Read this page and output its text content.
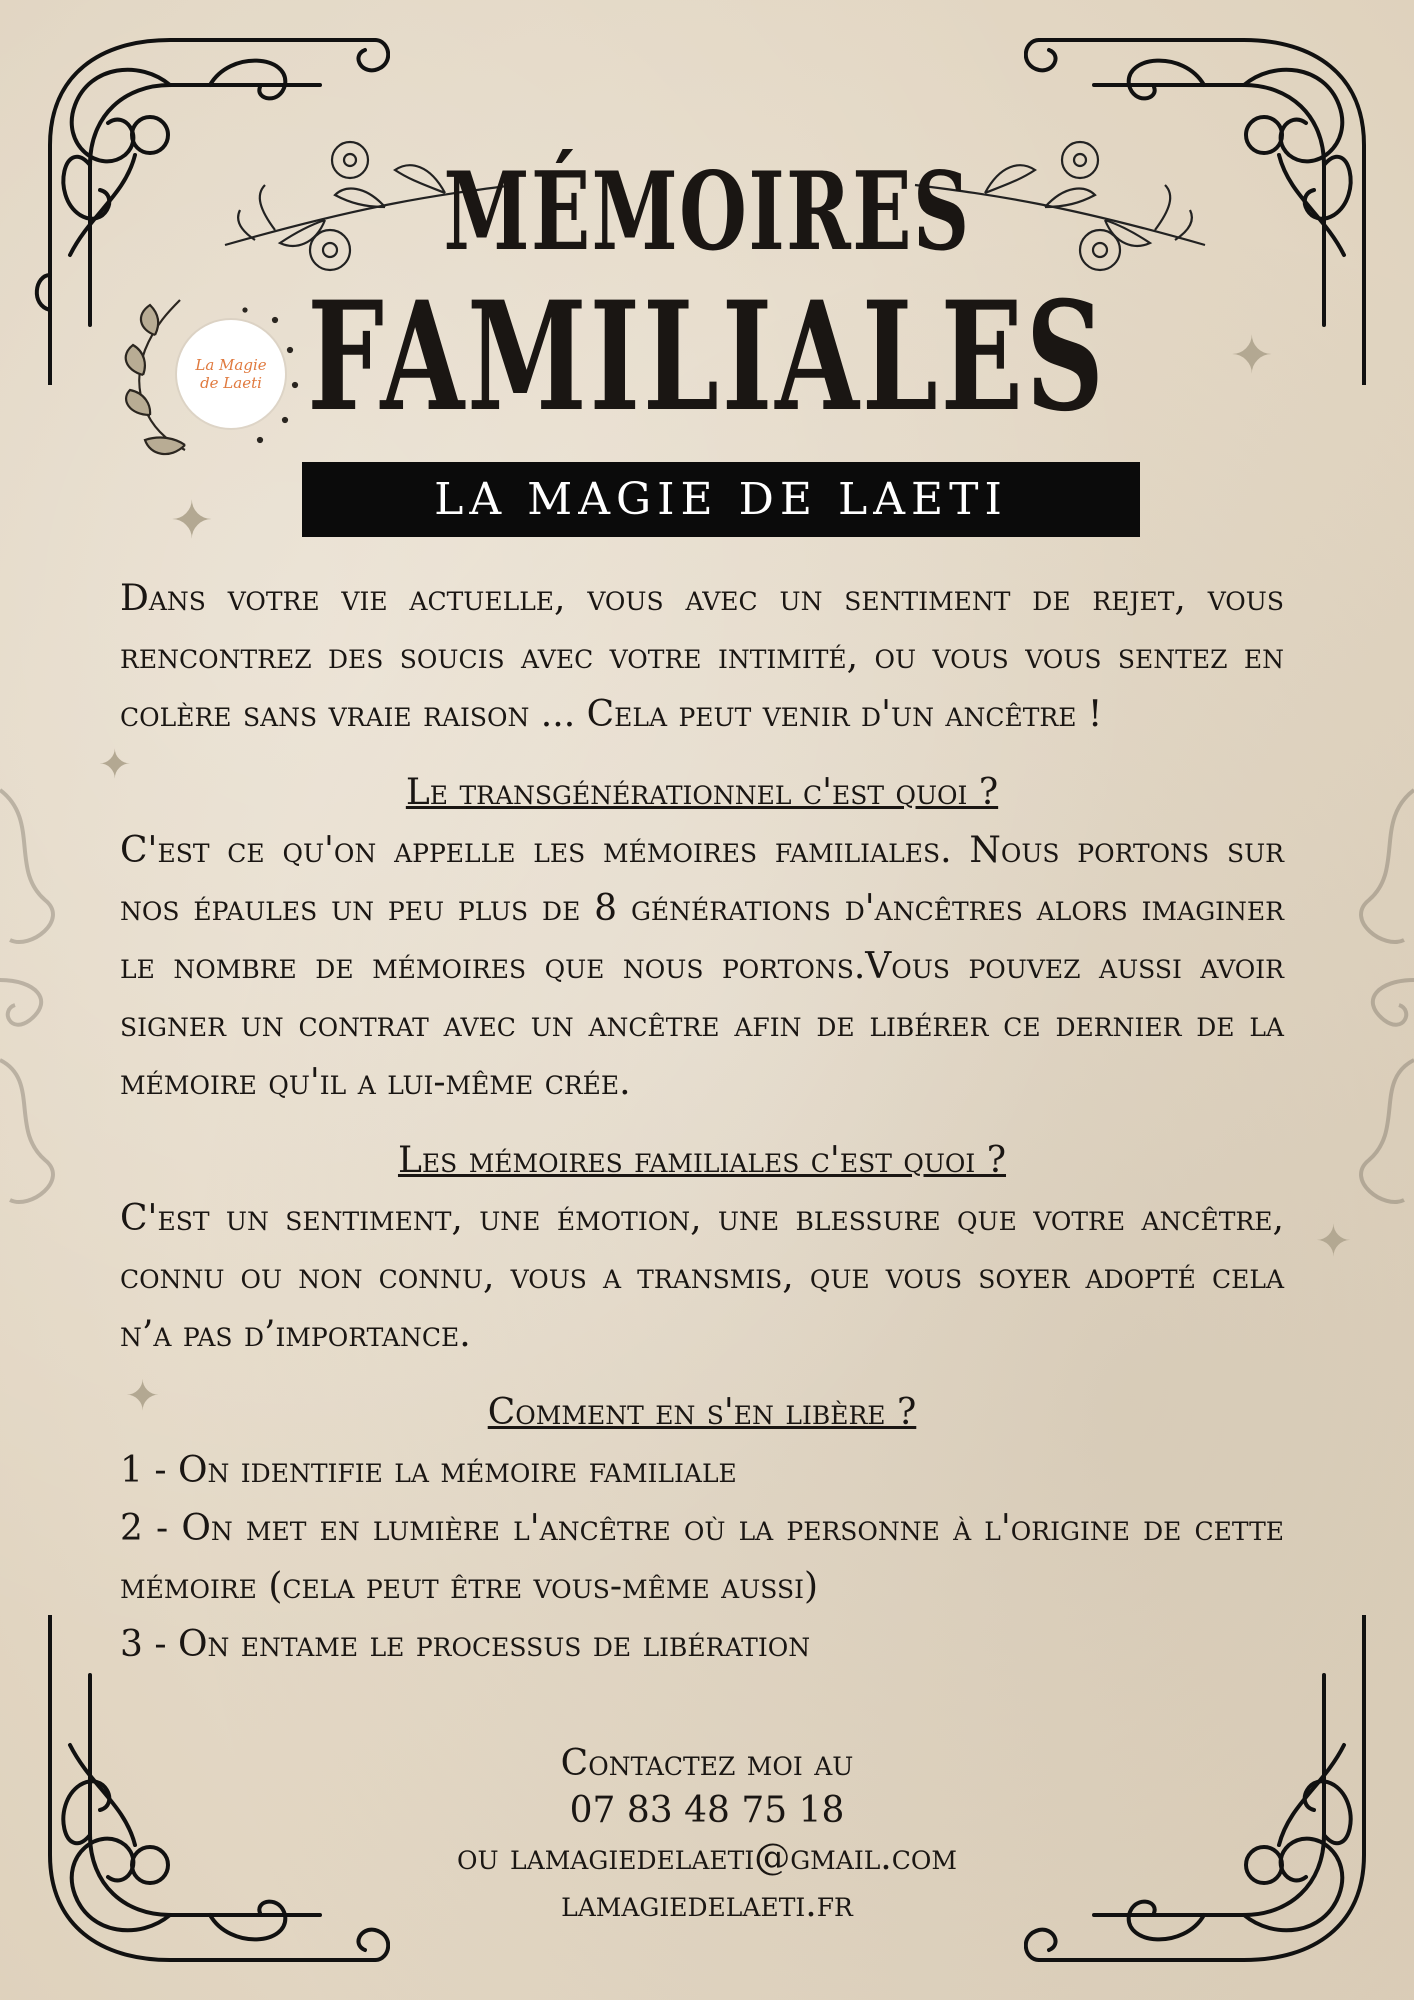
✦
✦
✦
✦
✦
La Magie
de Laeti
MÉMOIRES
FAMILIALES
LA MAGIE DE LAETI

Dans votre vie actuelle, vous avec un sentiment de rejet, vous rencontrez des soucis avec votre intimité, ou vous vous sentez en colère sans vraie raison ... Cela peut venir d'un ancêtre !

Le transgénérationnel c'est quoi ?

C'est ce qu'on appelle les mémoires familiales. Nous portons sur nos épaules un peu plus de 8 générations d'ancêtres alors imaginer le nombre de mémoires que nous portons.Vous pouvez aussi avoir signer un contrat avec un ancêtre afin de libérer ce dernier de la mémoire qu'il a lui-même crée.

Les mémoires familiales c'est quoi ?

C'est un sentiment, une émotion, une blessure que votre ancêtre, connu ou non connu, vous a transmis, que vous soyer adopté cela n’a pas d’importance.

Comment en s'en libère ?

1 - On identifie la mémoire familiale

2 - On met en lumière l'ancêtre où la personne à l'origine de cette mémoire (cela peut être vous-même aussi)

3 - On entame le processus de libération

Contactez moi au
07 83 48 75 18
ou lamagiedelaeti@gmail.com
lamagiedelaeti.fr
